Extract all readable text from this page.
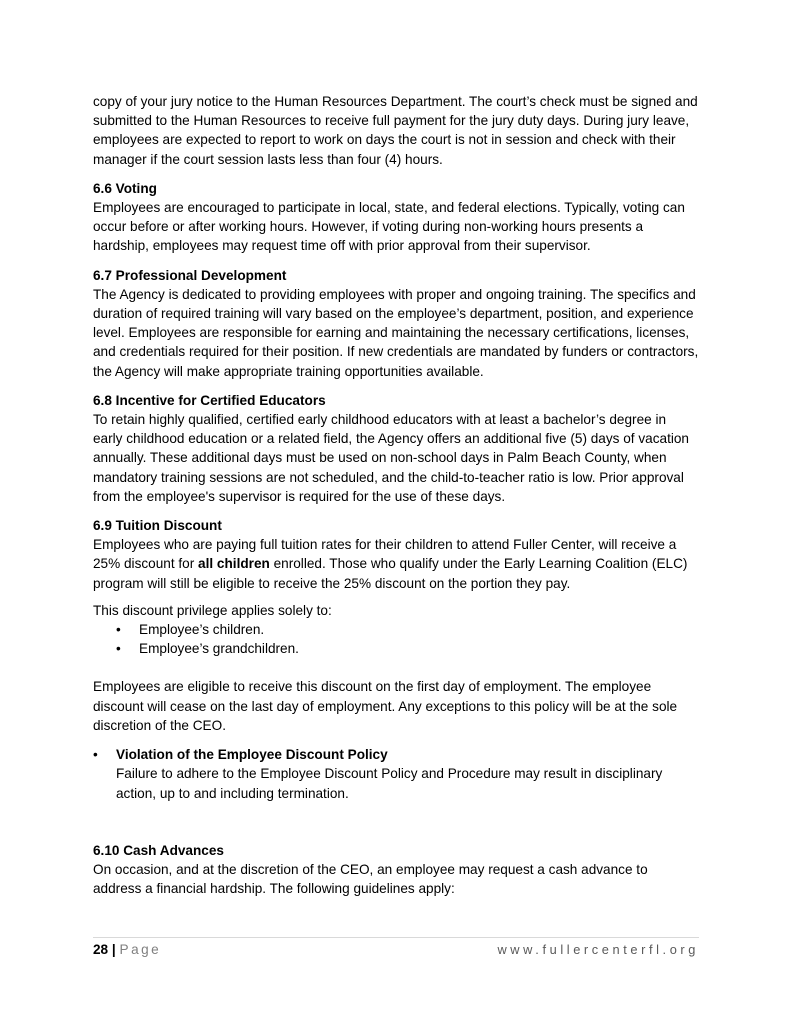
copy of your jury notice to the Human Resources Department. The court’s check must be signed and submitted to the Human Resources to receive full payment for the jury duty days. During jury leave, employees are expected to report to work on days the court is not in session and check with their manager if the court session lasts less than four (4) hours.

6.6 Voting

Employees are encouraged to participate in local, state, and federal elections. Typically, voting can occur before or after working hours. However, if voting during non-working hours presents a hardship, employees may request time off with prior approval from their supervisor.

6.7 Professional Development

The Agency is dedicated to providing employees with proper and ongoing training. The specifics and duration of required training will vary based on the employee’s department, position, and experience level. Employees are responsible for earning and maintaining the necessary certifications, licenses, and credentials required for their position. If new credentials are mandated by funders or contractors, the Agency will make appropriate training opportunities available.

6.8 Incentive for Certified Educators

To retain highly qualified, certified early childhood educators with at least a bachelor’s degree in early childhood education or a related field, the Agency offers an additional five (5) days of vacation annually. These additional days must be used on non-school days in Palm Beach County, when mandatory training sessions are not scheduled, and the child-to-teacher ratio is low. Prior approval from the employee's supervisor is required for the use of these days.

6.9 Tuition Discount

Employees who are paying full tuition rates for their children to attend Fuller Center, will receive a 25% discount for all children enrolled. Those who qualify under the Early Learning Coalition (ELC) program will still be eligible to receive the 25% discount on the portion they pay.

This discount privilege applies solely to:

• Employee’s children.
• Employee’s grandchildren.

Employees are eligible to receive this discount on the first day of employment. The employee discount will cease on the last day of employment. Any exceptions to this policy will be at the sole discretion of the CEO.

• Violation of the Employee Discount Policy

Failure to adhere to the Employee Discount Policy and Procedure may result in disciplinary action, up to and including termination.

6.10 Cash Advances

On occasion, and at the discretion of the CEO, an employee may request a cash advance to address a financial hardship. The following guidelines apply:

28 | Page	www.fullercenterfl.org
